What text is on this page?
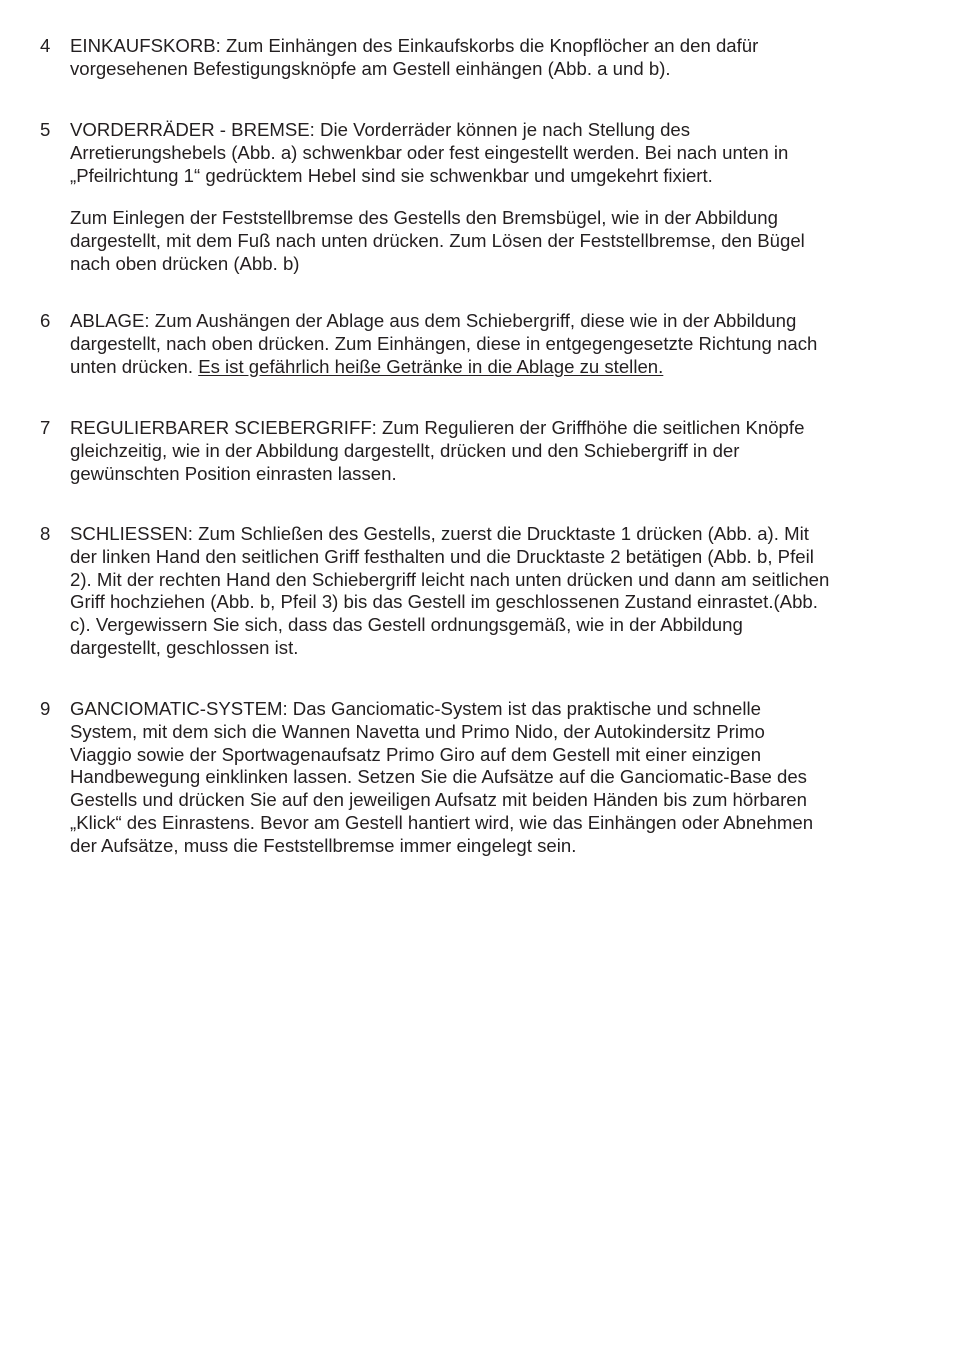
4	EINKAUFSKORB: Zum Einhängen des Einkaufskorbs die Knopflöcher an den dafür
vorgesehenen Befestigungsknöpfe am Gestell einhängen (Abb. a und b).

5	VORDERRÄDER - BREMSE: Die Vorderräder können je nach Stellung des
Arretierungshebels (Abb. a) schwenkbar oder fest eingestellt werden. Bei nach unten in
„Pfeilrichtung 1“ gedrücktem Hebel sind sie schwenkbar und umgekehrt fixiert.

Zum Einlegen der Feststellbremse des Gestells den Bremsbügel, wie in der Abbildung
dargestellt, mit dem Fuß nach unten drücken. Zum Lösen der Feststellbremse, den Bügel
nach oben drücken (Abb. b)

6	ABLAGE: Zum Aushängen der Ablage aus dem Schiebergriff, diese wie in der Abbildung
dargestellt, nach oben drücken. Zum Einhängen, diese in entgegengesetzte Richtung nach
unten drücken. Es ist gefährlich heiße Getränke in die Ablage zu stellen.

7	REGULIERBARER SCIEBERGRIFF: Zum Regulieren der Griffhöhe die seitlichen Knöpfe
gleichzeitig, wie in der Abbildung dargestellt, drücken und den Schiebergriff in der
gewünschten Position einrasten lassen.

8	SCHLIESSEN: Zum Schließen des Gestells, zuerst die Drucktaste 1 drücken (Abb. a). Mit
der linken Hand den seitlichen Griff festhalten und die Drucktaste 2 betätigen (Abb. b, Pfeil
2). Mit der rechten Hand den Schiebergriff leicht nach unten drücken und dann am seitlichen
Griff hochziehen (Abb. b, Pfeil 3) bis das Gestell im geschlossenen Zustand einrastet.(Abb.
c). Vergewissern Sie sich, dass das Gestell ordnungsgemäß, wie in der Abbildung
dargestellt, geschlossen ist.

9	GANCIOMATIC-SYSTEM: Das Ganciomatic-System ist das praktische und schnelle
System, mit dem sich die Wannen Navetta und Primo Nido, der Autokindersitz Primo
Viaggio sowie der Sportwagenaufsatz Primo Giro auf dem Gestell mit einer einzigen
Handbewegung einklinken lassen. Setzen Sie die Aufsätze auf die Ganciomatic-Base des
Gestells und drücken Sie auf den jeweiligen Aufsatz mit beiden Händen bis zum hörbaren
„Klick“ des Einrastens. Bevor am Gestell hantiert wird, wie das Einhängen oder Abnehmen
der Aufsätze, muss die Feststellbremse immer eingelegt sein.
